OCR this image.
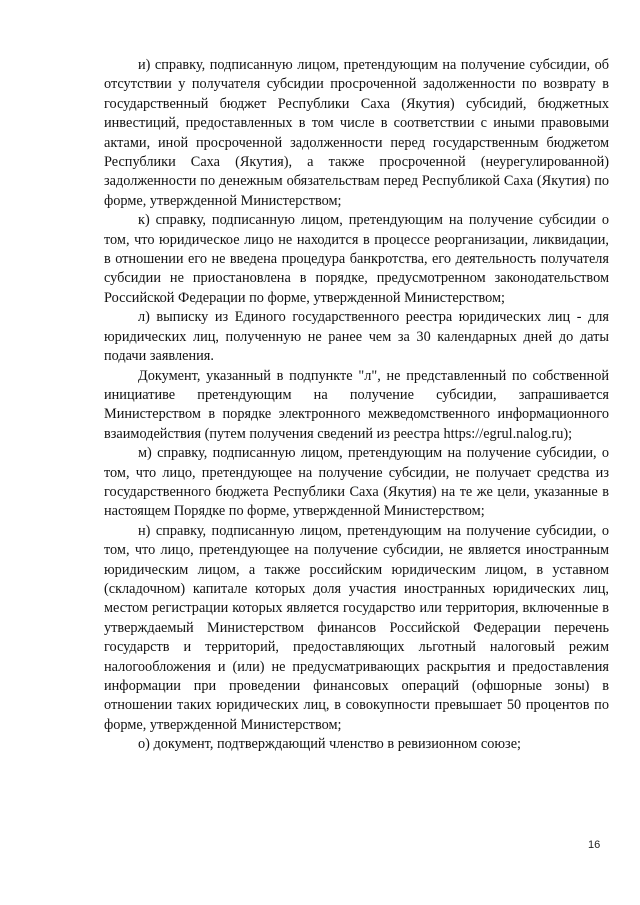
и) справку, подписанную лицом, претендующим на получение субсидии, об отсутствии у получателя субсидии просроченной задолженности по возврату в государственный бюджет Республики Саха (Якутия) субсидий, бюджетных инвестиций, предоставленных в том числе в соответствии с иными правовыми актами, иной просроченной задолженности перед государственным бюджетом Республики Саха (Якутия), а также просроченной (неурегулированной) задолженности по денежным обязательствам перед Республикой Саха (Якутия) по форме, утвержденной Министерством;

к) справку, подписанную лицом, претендующим на получение субсидии о том, что юридическое лицо не находится в процессе реорганизации, ликвидации, в отношении его не введена процедура банкротства, его деятельность получателя субсидии не приостановлена в порядке, предусмотренном законодательством Российской Федерации по форме, утвержденной Министерством;

л) выписку из Единого государственного реестра юридических лиц - для юридических лиц, полученную не ранее чем за 30 календарных дней до даты подачи заявления.

Документ, указанный в подпункте "л", не представленный по собственной инициативе претендующим на получение субсидии, запрашивается Министерством в порядке электронного межведомственного информационного взаимодействия (путем получения сведений из реестра https://egrul.nalog.ru);

м) справку, подписанную лицом, претендующим на получение субсидии, о том, что лицо, претендующее на получение субсидии, не получает средства из государственного бюджета Республики Саха (Якутия) на те же цели, указанные в настоящем Порядке по форме, утвержденной Министерством;

н) справку, подписанную лицом, претендующим на получение субсидии, о том, что лицо, претендующее на получение субсидии, не является иностранным юридическим лицом, а также российским юридическим лицом, в уставном (складочном) капитале которых доля участия иностранных юридических лиц, местом регистрации которых является государство или территория, включенные в утверждаемый Министерством финансов Российской Федерации перечень государств и территорий, предоставляющих льготный налоговый режим налогообложения и (или) не предусматривающих раскрытия и предоставления информации при проведении финансовых операций (офшорные зоны) в отношении таких юридических лиц, в совокупности превышает 50 процентов по форме, утвержденной Министерством;

о) документ, подтверждающий членство в ревизионном союзе;

16
